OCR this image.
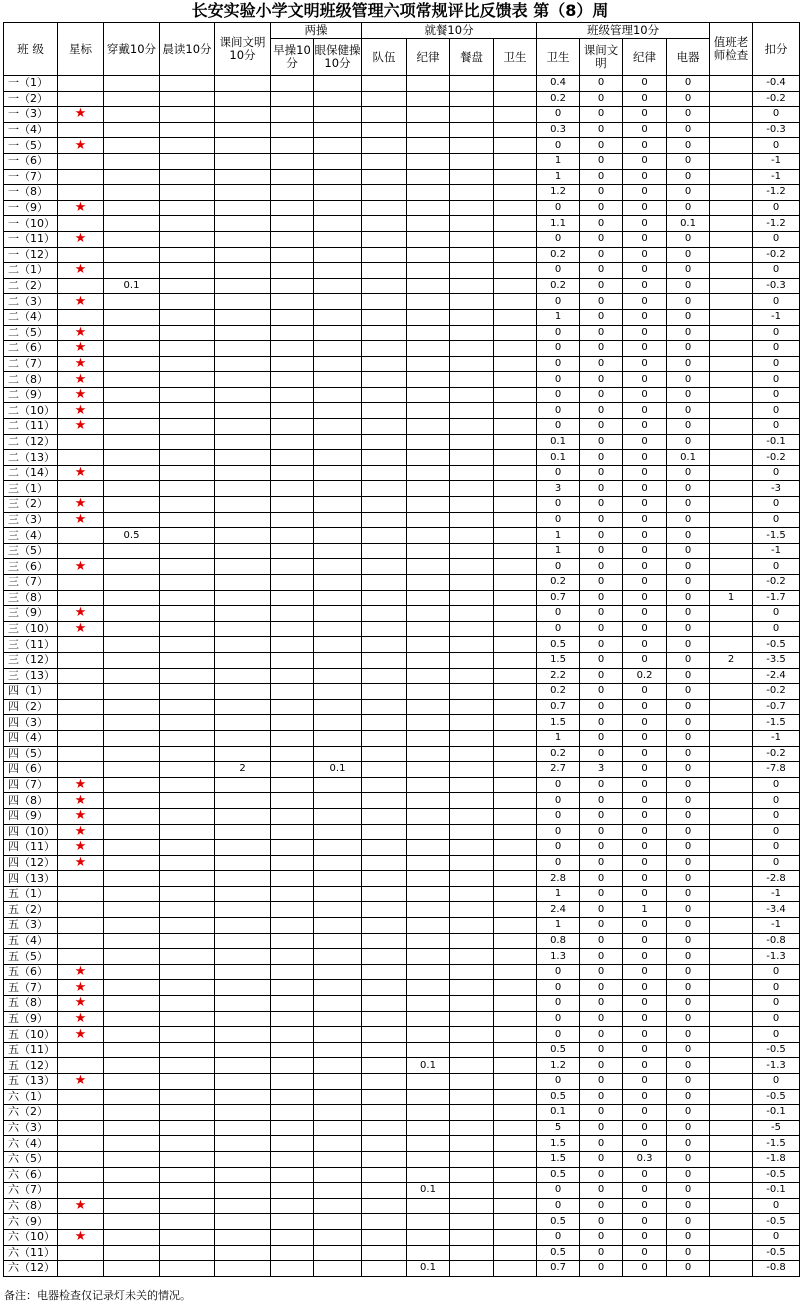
长安实验小学文明班级管理六项常规评比反馈表 第（8）周
班 级	星标	穿戴10分	晨读10分	课间文明10分	两操		就餐10分				班级管理10分				值班老师检查	扣分
					早操10分	眼保健操10分	队伍	纪律	餐盘	卫生	卫生	课间文明	纪律	电器		
一（1）											0.4	0	0	0		-0.4
一（2）											0.2	0	0	0		-0.2
一（3）	★										0	0	0	0		0
一（4）											0.3	0	0	0		-0.3
一（5）	★										0	0	0	0		0
一（6）											1	0	0	0		-1
一（7）											1	0	0	0		-1
一（8）											1.2	0	0	0		-1.2
一（9）	★										0	0	0	0		0
一（10）											1.1	0	0	0.1		-1.2
一（11）	★										0	0	0	0		0
一（12）											0.2	0	0	0		-0.2
二（1）	★										0	0	0	0		0
二（2）		0.1									0.2	0	0	0		-0.3
二（3）	★										0	0	0	0		0
二（4）											1	0	0	0		-1
二（5）	★										0	0	0	0		0
二（6）	★										0	0	0	0		0
二（7）	★										0	0	0	0		0
二（8）	★										0	0	0	0		0
二（9）	★										0	0	0	0		0
二（10）	★										0	0	0	0		0
二（11）	★										0	0	0	0		0
二（12）											0.1	0	0	0		-0.1
二（13）											0.1	0	0	0.1		-0.2
二（14）	★										0	0	0	0		0
三（1）											3	0	0	0		-3
三（2）	★										0	0	0	0		0
三（3）	★										0	0	0	0		0
三（4）		0.5									1	0	0	0		-1.5
三（5）											1	0	0	0		-1
三（6）	★										0	0	0	0		0
三（7）											0.2	0	0	0		-0.2
三（8）											0.7	0	0	0	1	-1.7
三（9）	★										0	0	0	0		0
三（10）	★										0	0	0	0		0
三（11）											0.5	0	0	0		-0.5
三（12）											1.5	0	0	0	2	-3.5
三（13）											2.2	0	0.2	0		-2.4
四（1）											0.2	0	0	0		-0.2
四（2）											0.7	0	0	0		-0.7
四（3）											1.5	0	0	0		-1.5
四（4）											1	0	0	0		-1
四（5）											0.2	0	0	0		-0.2
四（6）				2		0.1					2.7	3	0	0		-7.8
四（7）	★										0	0	0	0		0
四（8）	★										0	0	0	0		0
四（9）	★										0	0	0	0		0
四（10）	★										0	0	0	0		0
四（11）	★										0	0	0	0		0
四（12）	★										0	0	0	0		0
四（13）											2.8	0	0	0		-2.8
五（1）											1	0	0	0		-1
五（2）											2.4	0	1	0		-3.4
五（3）											1	0	0	0		-1
五（4）											0.8	0	0	0		-0.8
五（5）											1.3	0	0	0		-1.3
五（6）	★										0	0	0	0		0
五（7）	★										0	0	0	0		0
五（8）	★										0	0	0	0		0
五（9）	★										0	0	0	0		0
五（10）	★										0	0	0	0		0
五（11）											0.5	0	0	0		-0.5
五（12）								0.1			1.2	0	0	0		-1.3
五（13）	★										0	0	0	0		0
六（1）											0.5	0	0	0		-0.5
六（2）											0.1	0	0	0		-0.1
六（3）											5	0	0	0		-5
六（4）											1.5	0	0	0		-1.5
六（5）											1.5	0	0.3	0		-1.8
六（6）											0.5	0	0	0		-0.5
六（7）								0.1			0	0	0	0		-0.1
六（8）	★										0	0	0	0		0
六（9）											0.5	0	0	0		-0.5
六（10）	★										0	0	0	0		0
六（11）											0.5	0	0	0		-0.5
六（12）								0.1			0.7	0	0	0		-0.8
备注：电器检查仅记录灯未关的情况。
